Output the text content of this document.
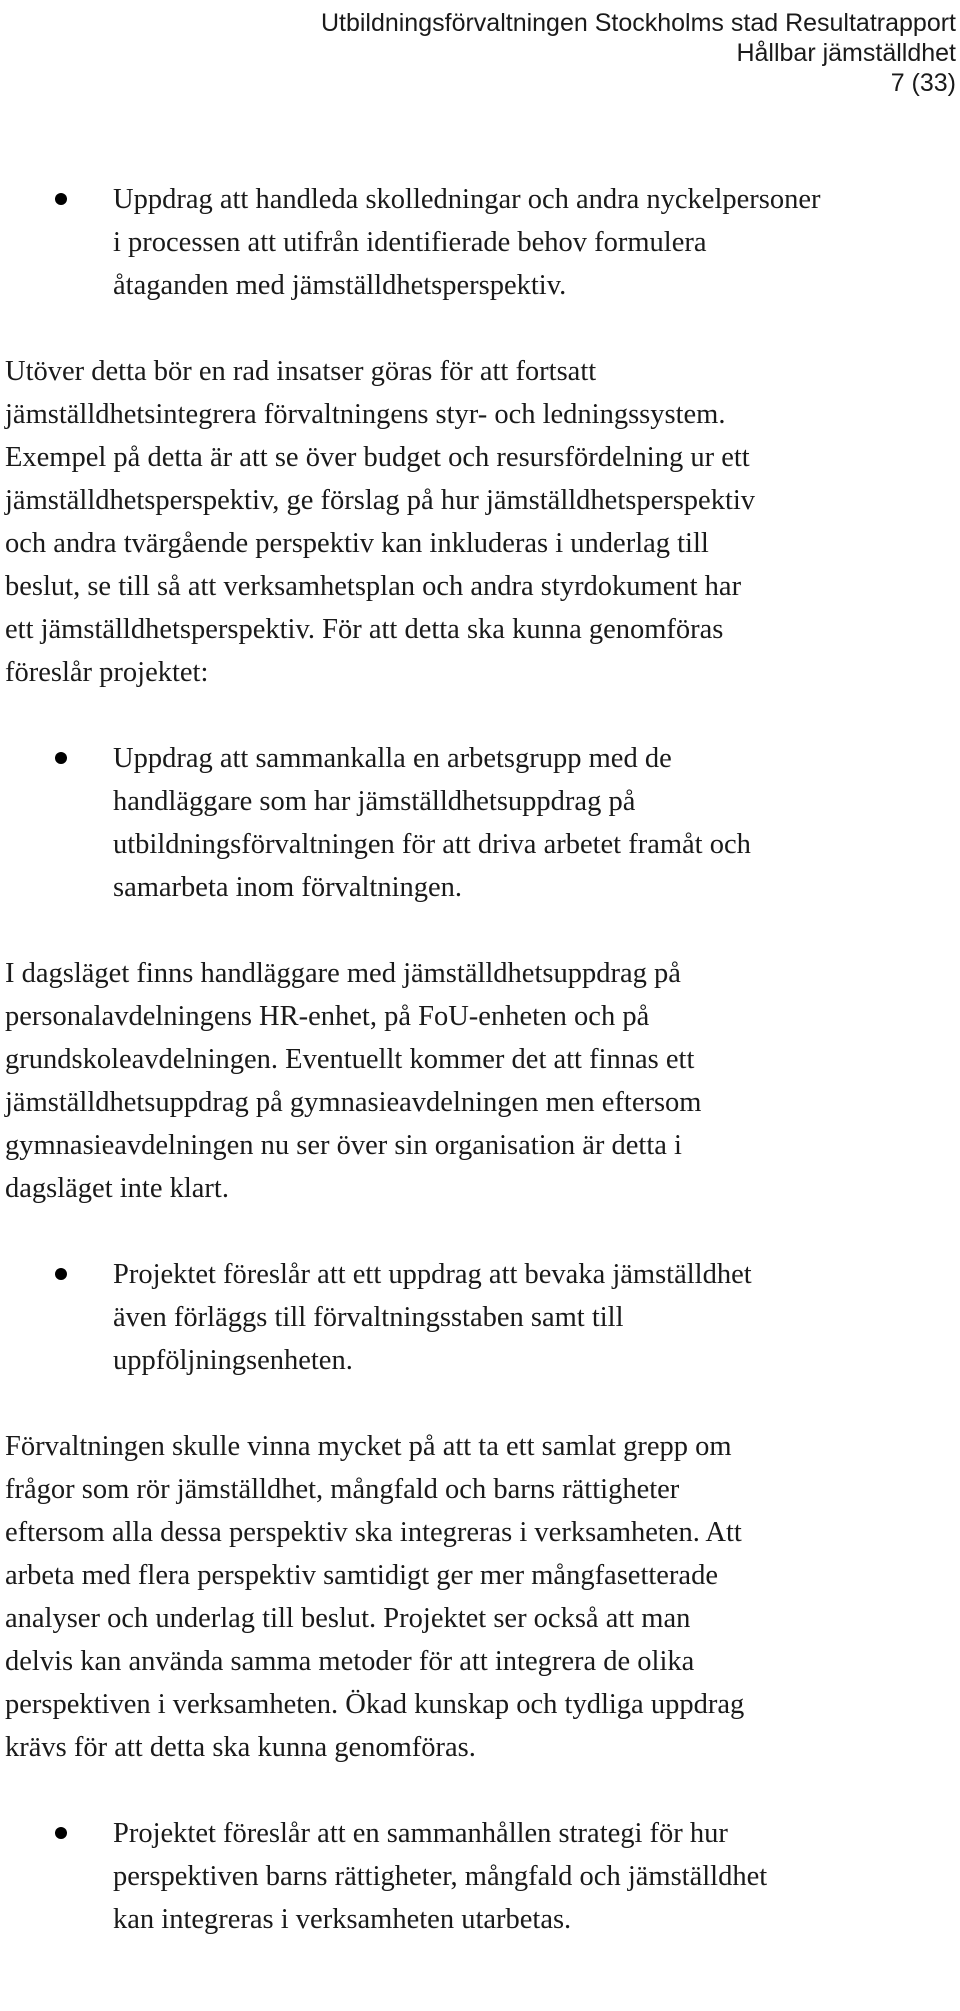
Utbildningsförvaltningen Stockholms stad Resultatrapport
Hållbar jämställdhet
7 (33)
Uppdrag att handleda skolledningar och andra nyckelpersoner
i processen att utifrån identifierade behov formulera
åtaganden med jämställdhetsperspektiv.
Utöver detta bör en rad insatser göras för att fortsatt
jämställdhetsintegrera förvaltningens styr- och ledningssystem.
Exempel på detta är att se över budget och resursfördelning ur ett
jämställdhetsperspektiv, ge förslag på hur jämställdhetsperspektiv
och andra tvärgående perspektiv kan inkluderas i underlag till
beslut, se till så att verksamhetsplan och andra styrdokument har
ett jämställdhetsperspektiv. För att detta ska kunna genomföras
föreslår projektet:
Uppdrag att sammankalla en arbetsgrupp med de
handläggare som har jämställdhetsuppdrag på
utbildningsförvaltningen för att driva arbetet framåt och
samarbeta inom förvaltningen.
I dagsläget finns handläggare med jämställdhetsuppdrag på
personalavdelningens HR-enhet, på FoU-enheten och på
grundskoleavdelningen. Eventuellt kommer det att finnas ett
jämställdhetsuppdrag på gymnasieavdelningen men eftersom
gymnasieavdelningen nu ser över sin organisation är detta i
dagsläget inte klart.
Projektet föreslår att ett uppdrag att bevaka jämställdhet
även förläggs till förvaltningsstaben samt till
uppföljningsenheten.
Förvaltningen skulle vinna mycket på att ta ett samlat grepp om
frågor som rör jämställdhet, mångfald och barns rättigheter
eftersom alla dessa perspektiv ska integreras i verksamheten. Att
arbeta med flera perspektiv samtidigt ger mer mångfasetterade
analyser och underlag till beslut. Projektet ser också att man
delvis kan använda samma metoder för att integrera de olika
perspektiven i verksamheten. Ökad kunskap och tydliga uppdrag
krävs för att detta ska kunna genomföras.
Projektet föreslår att en sammanhållen strategi för hur
perspektiven barns rättigheter, mångfald och jämställdhet
kan integreras i verksamheten utarbetas.
